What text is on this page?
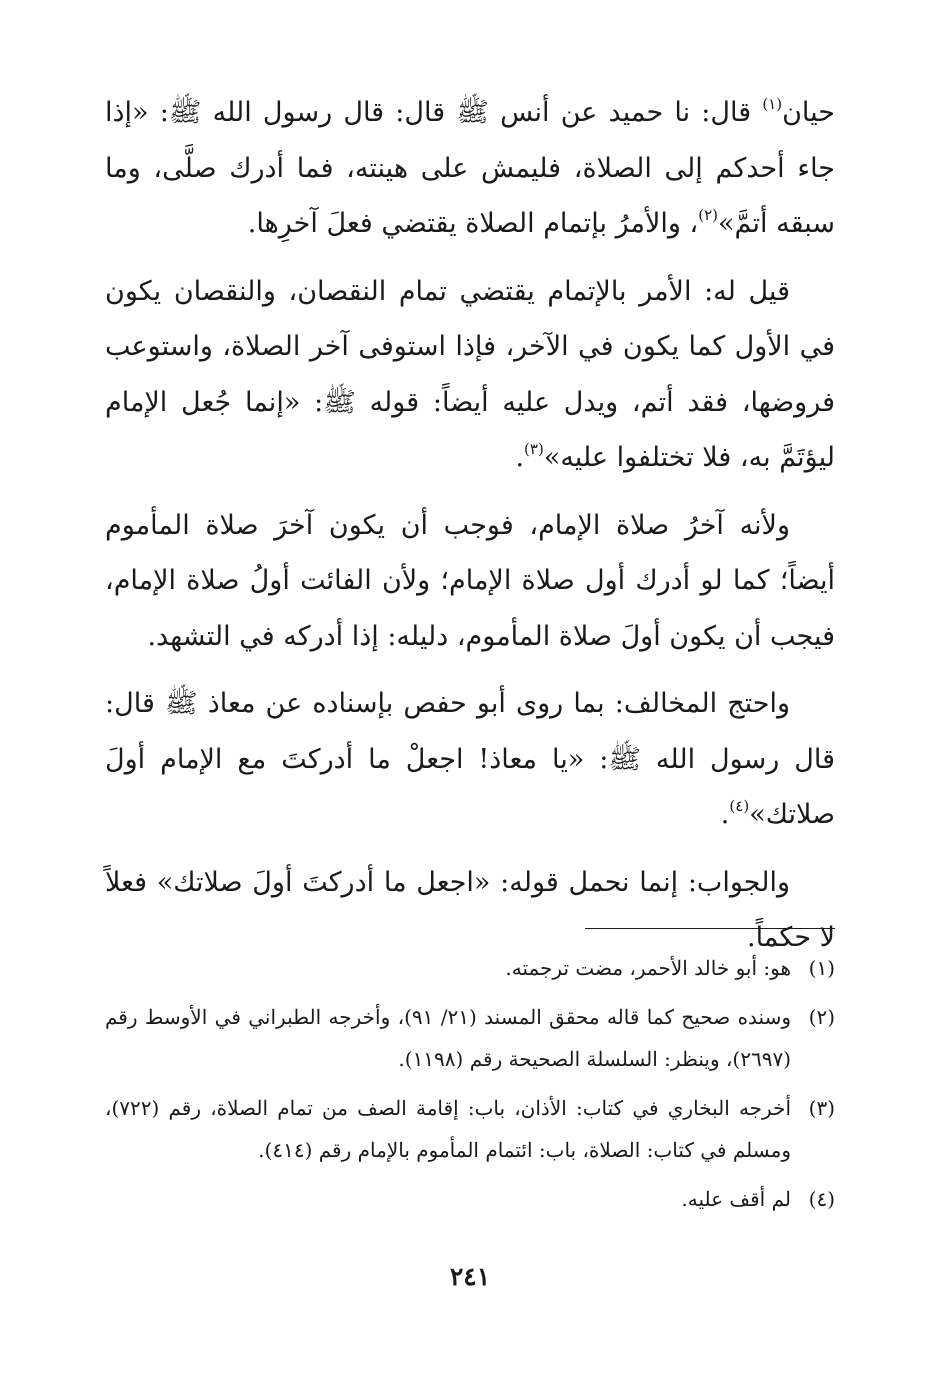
حيان$^{(١)}$ قال: نا حميد عن أنس ﷺ قال: قال رسول الله ﷺ: «إذا جاء أحدكم إلى الصلاة، فليمش على هينته، فما أدرك صلَّى، وما سبقه أتمَّ»$^{(٢)}$، والأمرُ بإتمام الصلاة يقتضي فعلَ آخرِها.

قيل له: الأمر بالإتمام يقتضي تمام النقصان، والنقصان يكون في الأول كما يكون في الآخر، فإذا استوفى آخر الصلاة، واستوعب فروضها، فقد أتم، ويدل عليه أيضاً: قوله ﷺ: «إنما جُعل الإمام ليؤتَمَّ به، فلا تختلفوا عليه»$^{(٣)}$.

ولأنه آخرُ صلاة الإمام، فوجب أن يكون آخرَ صلاة المأموم أيضاً؛ كما لو أدرك أول صلاة الإمام؛ ولأن الفائت أولُ صلاة الإمام، فيجب أن يكون أولَ صلاة المأموم، دليله: إذا أدركه في التشهد.

واحتج المخالف: بما روى أبو حفص بإسناده عن معاذ ﷺ قال: قال رسول الله ﷺ: «يا معاذ! اجعلْ ما أدركتَ مع الإمام أولَ صلاتك»$^{(٤)}$.

والجواب: إنما نحمل قوله: «اجعل ما أدركتَ أولَ صلاتك» فعلاً لا حكماً.

(١)
هو: أبو خالد الأحمر، مضت ترجمته.
(٢)
وسنده صحيح كما قاله محقق المسند (٢١/ ٩١)، وأخرجه الطبراني في الأوسط رقم (٢٦٩٧)، وينظر: السلسلة الصحيحة رقم (١١٩٨).
(٣)
أخرجه البخاري في كتاب: الأذان، باب: إقامة الصف من تمام الصلاة، رقم (٧٢٢)، ومسلم في كتاب: الصلاة، باب: ائتمام المأموم بالإمام رقم (٤١٤).
(٤)
لم أقف عليه.
٢٤١
